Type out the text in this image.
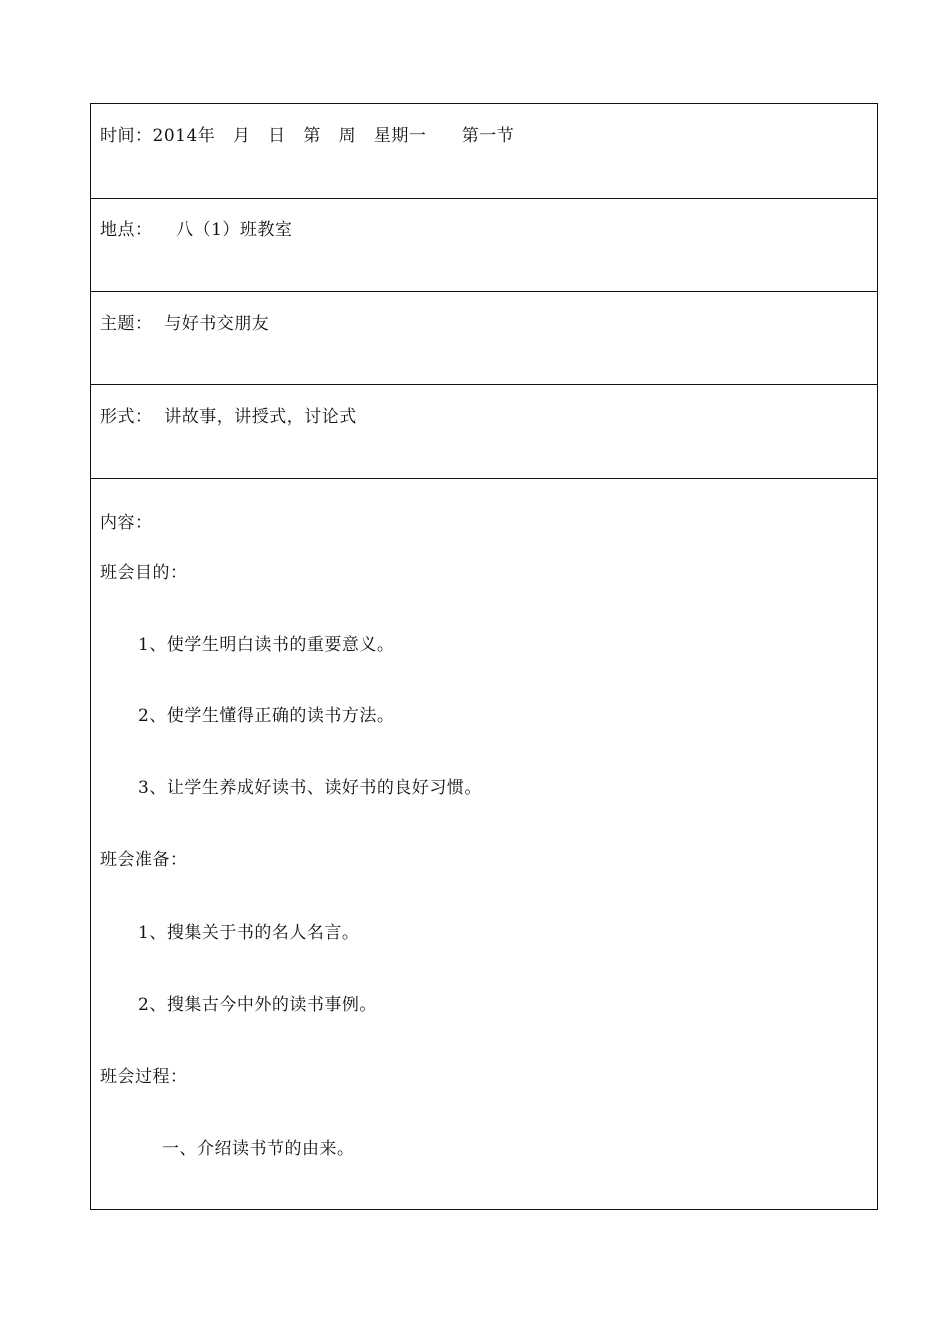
时间：2014年   月   日   第   周   星期一      第一节
地点：    八（1）班教室
主题：  与好书交朋友
形式：  讲故事，讲授式，讨论式
内容：
班会目的：
1、使学生明白读书的重要意义。
2、使学生懂得正确的读书方法。
3、让学生养成好读书、读好书的良好习惯。
班会准备：
1、搜集关于书的名人名言。
2、搜集古今中外的读书事例。
班会过程：
一、介绍读书节的由来。
